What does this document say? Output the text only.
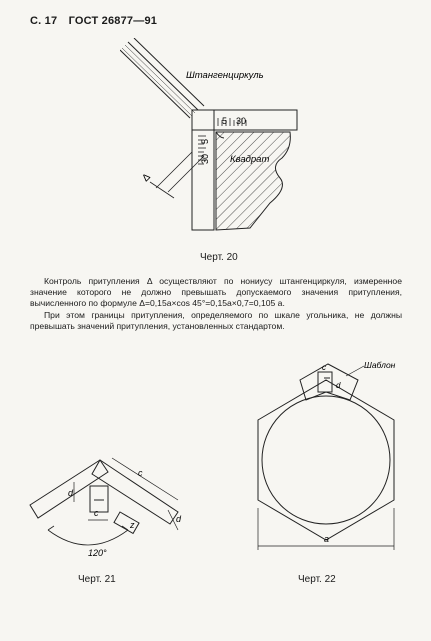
С. 17 ГОСТ 26877—91
Δ
Штангенциркуль
Квадрат
5 30
30
5
Черт. 20

Контроль притупления Δ осуществляют по нониусу штангенциркуля, измеренное значение которого не должно превышать допускаемого значения притупления, вычисленного по формуле Δ=0,15a×cos 45°=0,15a×0,7=0,105 a.

При этом границы притупления, определяемого по шкале угольника, не должны превышать значений притупления, установленных стандартом.

c
d
c
d
z
120°
Черт. 21
Шаблон
c
d
a
Черт. 22
